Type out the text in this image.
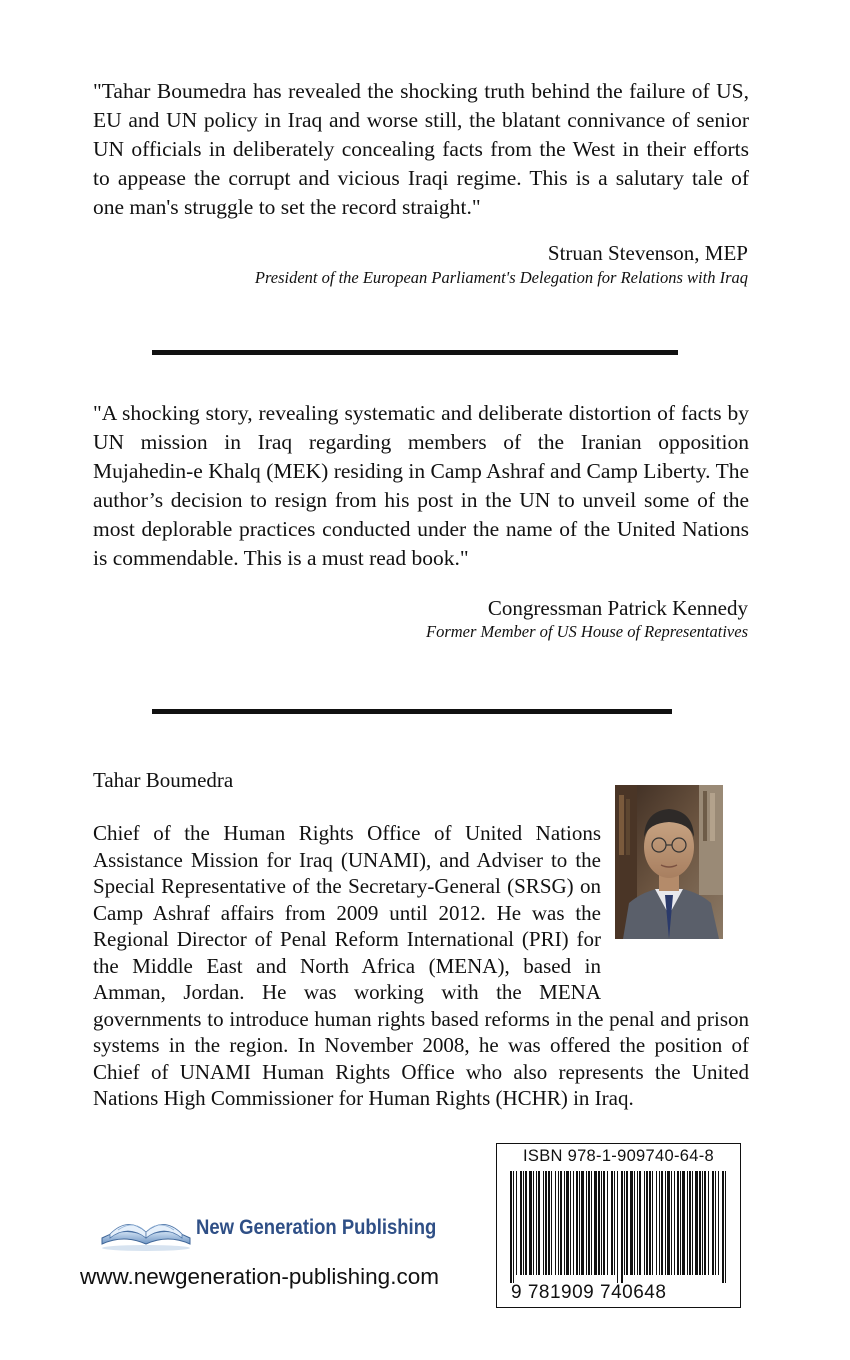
"Tahar Boumedra has revealed the shocking truth behind the failure of US, EU and UN policy in Iraq and worse still, the blatant connivance of senior UN officials in deliberately concealing facts from the West in their efforts to appease the corrupt and vicious Iraqi regime. This is a salutary tale of one man's struggle to set the record straight."
Struan Stevenson, MEP
President of the European Parliament's Delegation for Relations with Iraq
"A shocking story, revealing systematic and deliberate distortion of facts by UN mission in Iraq regarding members of the Iranian opposition Mujahedin-e Khalq (MEK) residing in Camp Ashraf and Camp Liberty. The author’s decision to resign from his post in the UN to unveil some of the most deplorable practices conducted under the name of the United Nations is commendable. This is a must read book."
Congressman Patrick Kennedy
Former Member of US House of Representatives
Tahar Boumedra
Chief of the Human Rights Office of United Nations Assistance Mission for Iraq (UNAMI), and Adviser to the Special Representative of the Secretary-General (SRSG) on Camp Ashraf affairs from 2009 until 2012. He was the Regional Director of Penal Reform International (PRI) for the Middle East and North Africa (MENA), based in Amman, Jordan. He was working with the MENA governments to introduce human rights based reforms in the penal and prison systems in the region. In November 2008, he was offered the position of Chief of UNAMI Human Rights Office who also represents the United Nations High Commissioner for Human Rights (HCHR) in Iraq.
ISBN 978-1-909740-64-8
9 781909 740648
New Generation Publishing
www.newgeneration-publishing.com
